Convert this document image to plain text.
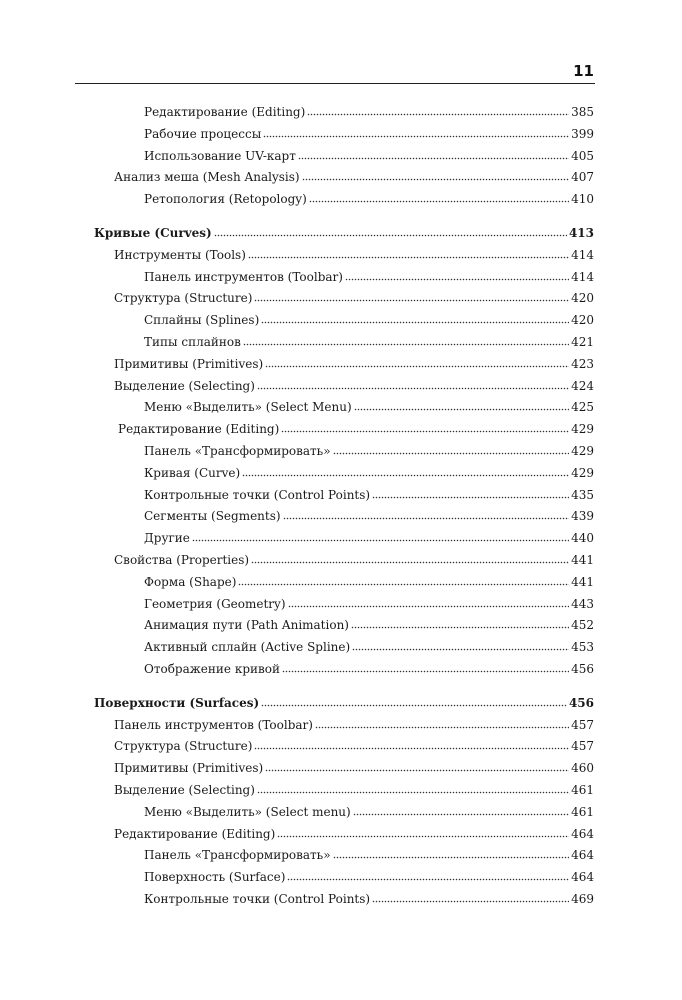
11
Редактирование (Editing)	385
Рабочие процессы	399
Использование UV-карт	405
Анализ меша (Mesh Analysis)	407
Ретопология (Retopology)	410
Кривые (Curves)	413
Инструменты (Tools)	414
Панель инструментов (Toolbar)	414
Структура (Structure)	420
Сплайны (Splines)	420
Типы сплайнов	421
Примитивы (Primitives)	423
Выделение (Selecting)	424
Меню «Выделить» (Select Menu)	425
Редактирование (Editing)	429
Панель «Трансформировать»	429
Кривая (Curve)	429
Контрольные точки (Control Points)	435
Сегменты (Segments)	439
Другие	440
Свойства (Properties)	441
Форма (Shape)	441
Геометрия (Geometry)	443
Анимация пути (Path Animation)	452
Активный сплайн (Active Spline)	453
Отображение кривой	456
Поверхности (Surfaces)	456
Панель инструментов (Toolbar)	457
Структура (Structure)	457
Примитивы (Primitives)	460
Выделение (Selecting)	461
Меню «Выделить» (Select menu)	461
Редактирование (Editing)	464
Панель «Трансформировать»	464
Поверхность (Surface)	464
Контрольные точки (Control Points)	469
